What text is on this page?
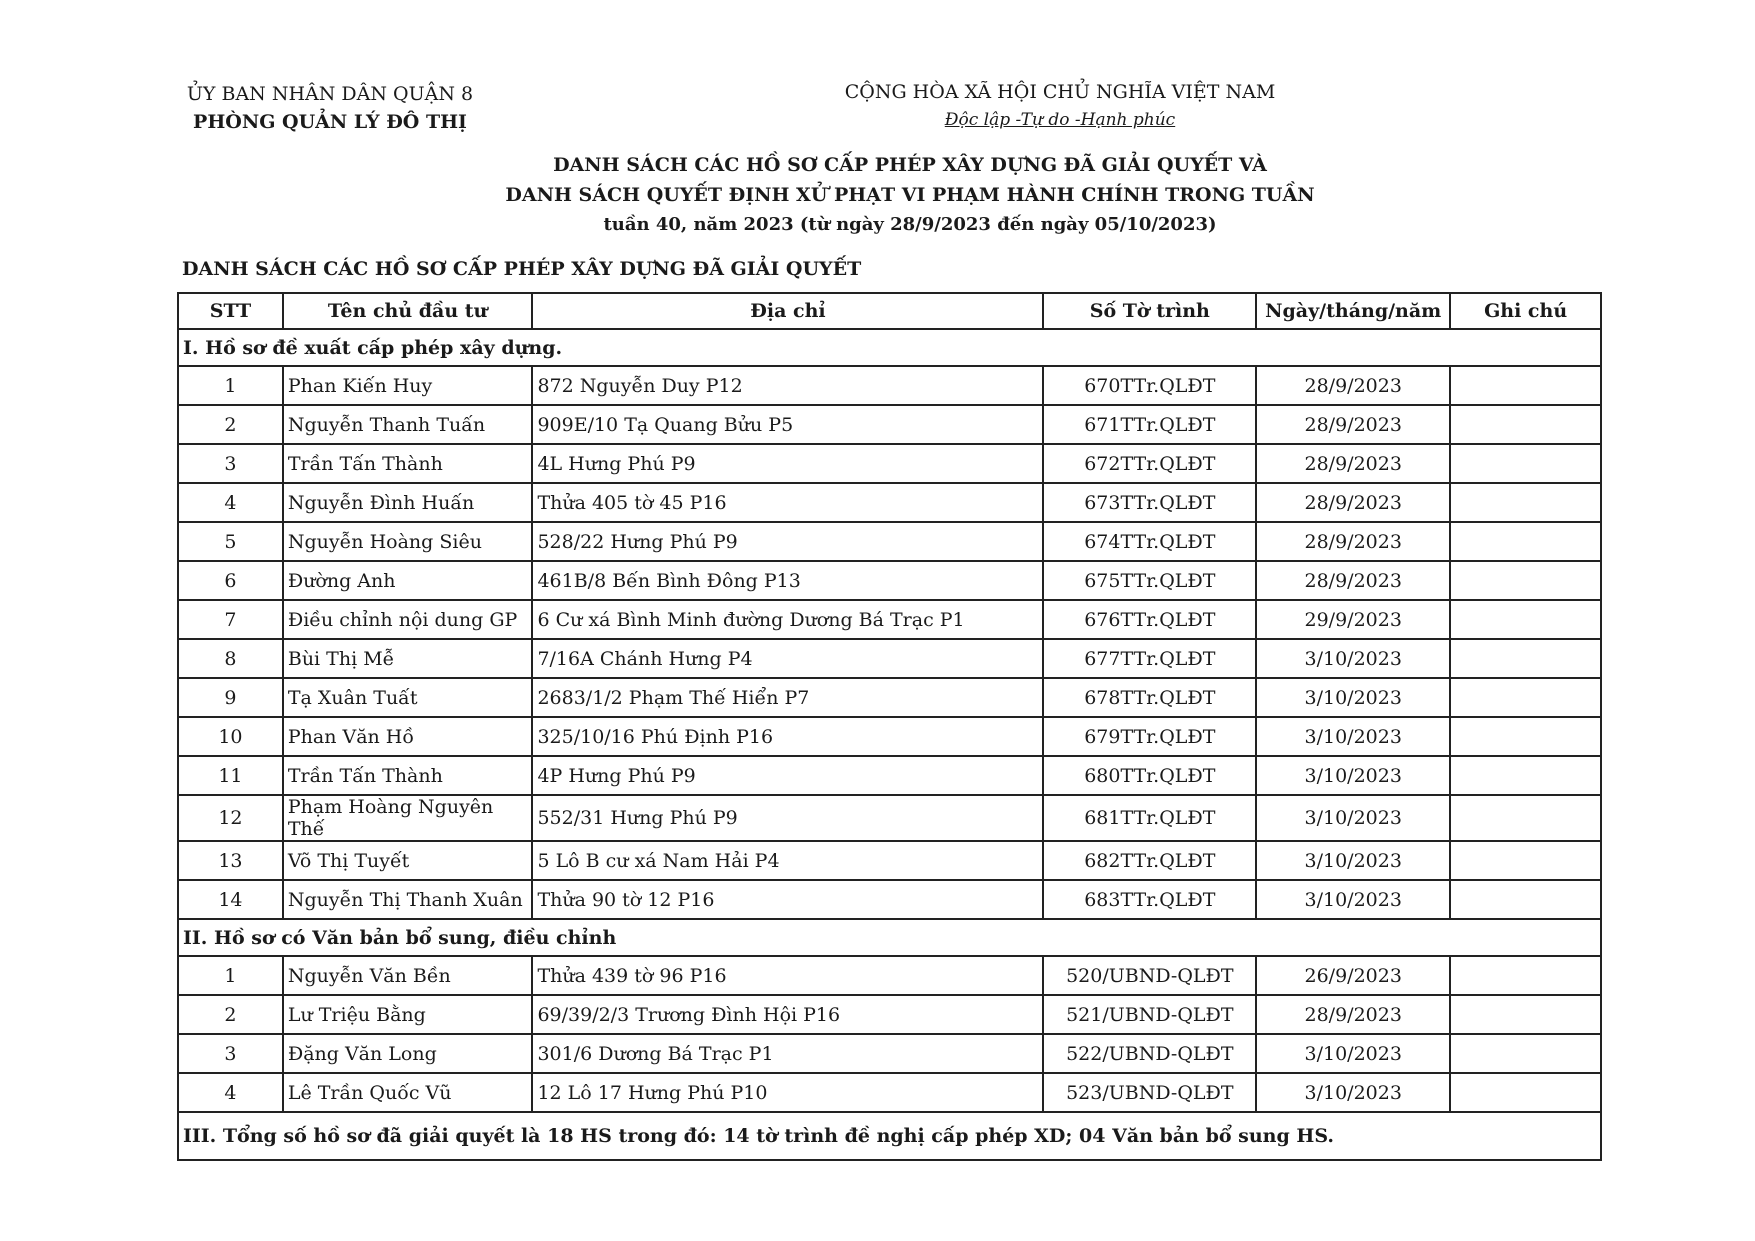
ỦY BAN NHÂN DÂN QUẬN 8
PHÒNG QUẢN LÝ ĐÔ THỊ
CỘNG HÒA XÃ HỘI CHỦ NGHĨA VIỆT NAM
Độc lập -Tự do -Hạnh phúc
DANH SÁCH CÁC HỒ SƠ CẤP PHÉP XÂY DỰNG ĐÃ GIẢI QUYẾT VÀ
DANH SÁCH QUYẾT ĐỊNH XỬ PHẠT VI PHẠM HÀNH CHÍNH TRONG TUẦN
tuần 40, năm 2023 (từ ngày 28/9/2023 đến ngày 05/10/2023)
DANH SÁCH CÁC HỒ SƠ CẤP PHÉP XÂY DỰNG ĐÃ GIẢI QUYẾT
STT	Tên chủ đầu tư	Địa chỉ	Số Tờ trình	Ngày/tháng/năm	Ghi chú
I. Hồ sơ đề xuất cấp phép xây dựng.					
1	Phan Kiến Huy	872 Nguyễn Duy P12	670TTr.QLĐT	28/9/2023	
2	Nguyễn Thanh Tuấn	909E/10 Tạ Quang Bửu P5	671TTr.QLĐT	28/9/2023	
3	Trần Tấn Thành	4L Hưng Phú P9	672TTr.QLĐT	28/9/2023	
4	Nguyễn Đình Huấn	Thửa 405 tờ 45 P16	673TTr.QLĐT	28/9/2023	
5	Nguyễn Hoàng Siêu	528/22 Hưng Phú P9	674TTr.QLĐT	28/9/2023	
6	Đường Anh	461B/8 Bến Bình Đông P13	675TTr.QLĐT	28/9/2023	
7	Điều chỉnh nội dung GP	6 Cư xá Bình Minh đường Dương Bá Trạc P1	676TTr.QLĐT	29/9/2023	
8	Bùi Thị Mễ	7/16A Chánh Hưng P4	677TTr.QLĐT	3/10/2023	
9	Tạ Xuân Tuất	2683/1/2 Phạm Thế Hiển P7	678TTr.QLĐT	3/10/2023	
10	Phan Văn Hồ	325/10/16 Phú Định P16	679TTr.QLĐT	3/10/2023	
11	Trần Tấn Thành	4P Hưng Phú P9	680TTr.QLĐT	3/10/2023	
12	Phạm Hoàng Nguyên Thế	552/31 Hưng Phú P9	681TTr.QLĐT	3/10/2023	
13	Võ Thị Tuyết	5 Lô B cư xá Nam Hải P4	682TTr.QLĐT	3/10/2023	
14	Nguyễn Thị Thanh Xuân	Thửa 90 tờ 12 P16	683TTr.QLĐT	3/10/2023	
II. Hồ sơ có Văn bản bổ sung, điều chỉnh					
1	Nguyễn Văn Bền	Thửa 439 tờ 96 P16	520/UBND-QLĐT	26/9/2023	
2	Lư Triệu Bằng	69/39/2/3 Trương Đình Hội P16	521/UBND-QLĐT	28/9/2023	
3	Đặng Văn Long	301/6 Dương Bá Trạc P1	522/UBND-QLĐT	3/10/2023	
4	Lê Trần Quốc Vũ	12 Lô 17 Hưng Phú P10	523/UBND-QLĐT	3/10/2023	
III. Tổng số hồ sơ đã giải quyết là 18 HS trong đó: 14 tờ trình đề nghị cấp phép XD; 04 Văn bản bổ sung HS.					
